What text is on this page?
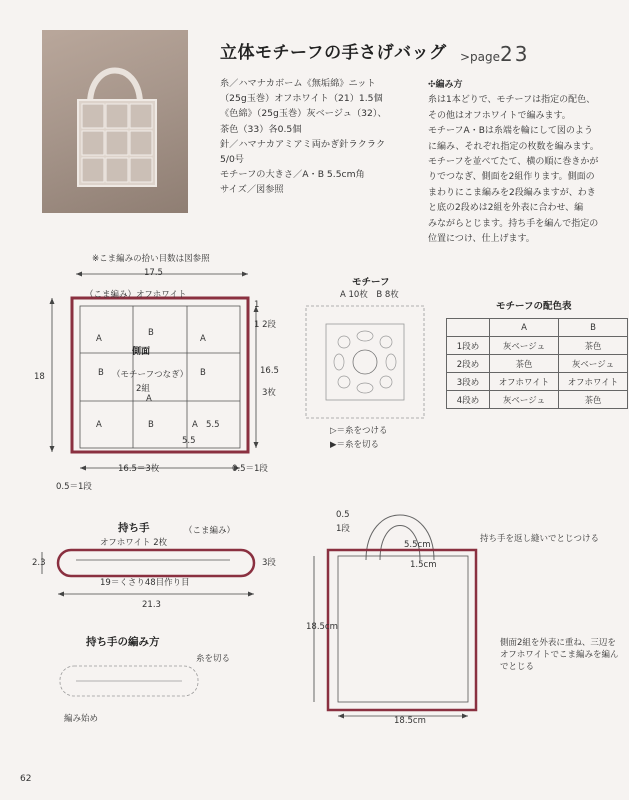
立体モチーフの手さげバッグ >page23
糸／ハマナカボーム《無垢綿》ニット
（25g玉巻）オフホワイト（21）1.5個
《色綿》（25g玉巻）灰ベージュ（32）、
茶色（33）各0.5個
針／ハマナカアミアミ両かぎ針ラクラク
5/0号
モチーフの大きさ／A・B 5.5cm角
サイズ／図参照
✣編み方
糸は1本どりで、モチーフは指定の配色、
その他はオフホワイトで編みます。
モチーフA・Bは糸端を輪にして図のよう
に編み、それぞれ指定の枚数を編みます。
モチーフを並べてたて、横の順に巻きかが
りでつなぎ、側面を2組作ります。側面の
まわりにこま編みを2段編みますが、わき
と底の2段めは2組を外表に合わせ、編
みながらとじます。持ち手を編んで指定の
位置につけ、仕上げます。
※こま編みの拾い目数は図参照
17.5
（こま編み）オフホワイト
1
1 2段
18
16.5
3枚
A
B
A
側面
B	B
（モチーフつなぎ）
2組
A
A	B	A 5.5
5.5
16.5＝3枚	0.5＝1段
0.5＝1段
モチーフ
A 10枚　B 8枚
▷＝糸をつける
▶＝糸を切る
モチーフの配色表
	A	B
1段め	灰ベージュ	茶色
2段め	茶色	灰ベージュ
3段め	オフホワイト	オフホワイト
4段め	灰ベージュ	茶色
持ち手
オフホワイト 2枚
（こま編み）
2.3	3段
19＝くさり48目作り目
21.3
持ち手の編み方
糸を切る
編み始め
0.5
1段
持ち手を返し縫いでとじつける
5.5cm
1.5cm
18.5cm
側面2組を外表に重ね、三辺をオフホワイトでこま編みを編んでとじる
18.5cm
62
